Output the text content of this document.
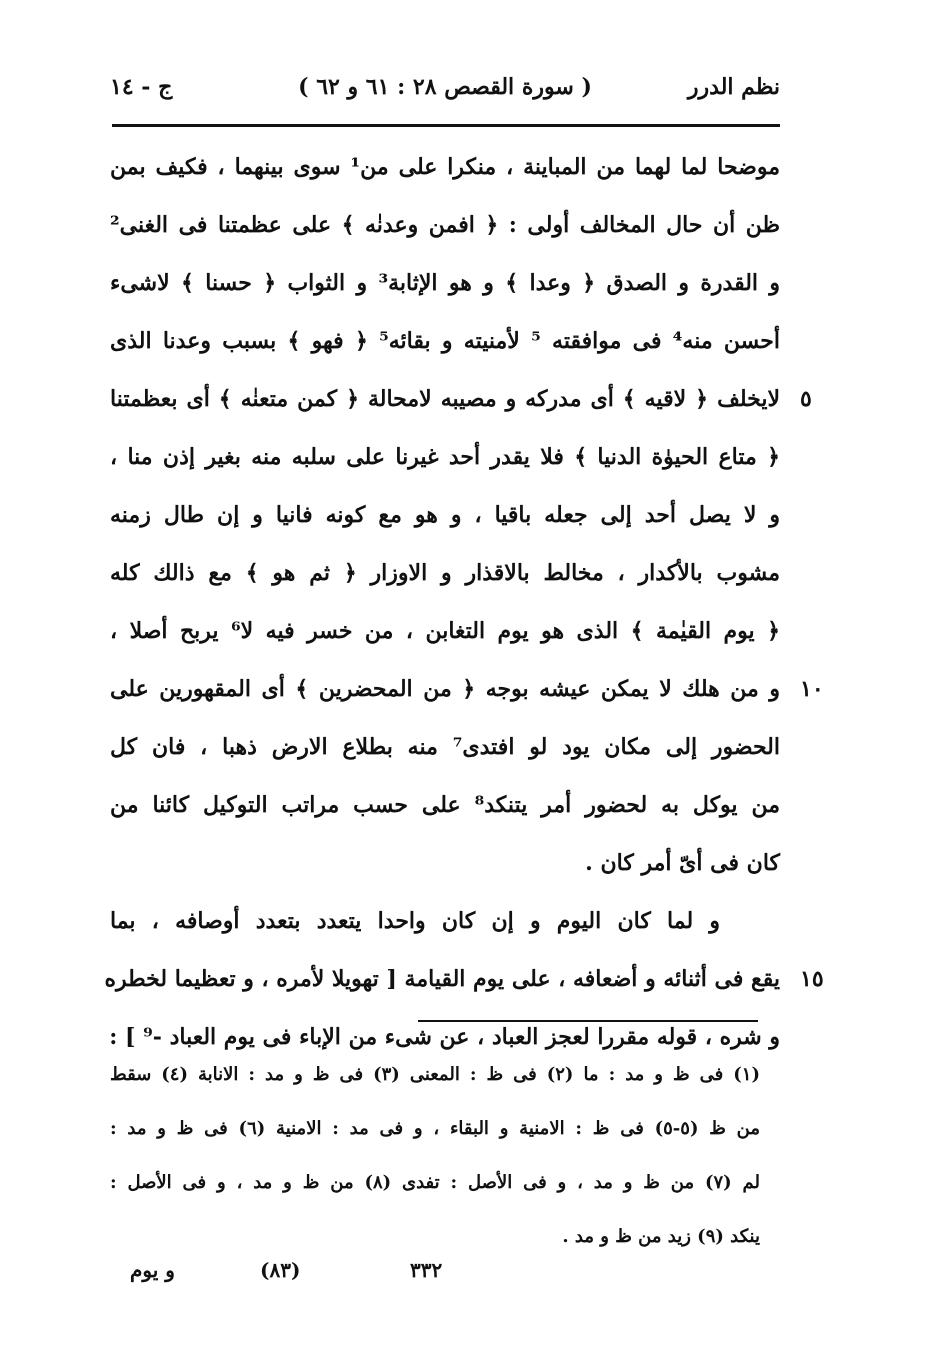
نظم الدرر
( سورة القصص ٢٨ : ٦١ و ٦٢ )
ج - ١٤
موضحا لما لهما من المباينة ، منكرا على من¹ سوى بينهما ، فكيف بمن
ظن أن حال المخالف أولى : ﴿ افمن وعدنٰه ﴾ على عظمتنا فى الغنى²
و القدرة و الصدق ﴿ وعدا ﴾ و هو الإثابة³ و الثواب ﴿ حسنا ﴾ لاشىء
أحسن منه⁴ فى موافقته ⁵ لأمنيته و بقائه⁵ ﴿ فهو ﴾ بسبب وعدنا الذى
لايخلف ﴿ لاقيه ﴾ أى مدركه و مصيبه لامحالة ﴿ كمن متعنٰه ﴾ أى بعظمتنا ٥
﴿ متاع الحيوٰة الدنيا ﴾ فلا يقدر أحد غيرنا على سلبه منه بغير إذن منا ،
و لا يصل أحد إلى جعله باقيا ، و هو مع كونه فانيا و إن طال زمنه
مشوب بالأكدار ، مخالط بالاقذار و الاوزار ﴿ ثم هو ﴾ مع ذالك كله
﴿ يوم القيٰمة ﴾ الذى هو يوم التغابن ، من خسر فيه لا⁶ يربح أصلا ،
و من هلك لا يمكن عيشه بوجه ﴿ من المحضرين ﴾ أى المقهورين على ١٠
الحضور إلى مكان يود لو افتدى⁷ منه بطلاع الارض ذهبا ، فان كل
من يوكل به لحضور أمر يتنكد⁸ على حسب مراتب التوكيل كائنا من
كان فى أىّ أمر كان .
و لما كان اليوم و إن كان واحدا يتعدد بتعدد أوصافه ، بما
يقع فى أثنائه و أضعافه ، على يوم القيامة [ تهويلا لأمره ، و تعظيما لخطره ١٥
و شره ، قوله مقررا لعجز العباد ، عن شىء من الإباء فى يوم العباد -⁹ ] :
(١) فى ظ و مد : ما (٢) فى ظ : المعنى (٣) فى ظ و مد : الانابة (٤) سقط
من ظ (٥-٥) فى ظ : الامنية و البقاء ، و فى مد : الامنية (٦) فى ظ و مد :
لم (٧) من ظ و مد ، و فى الأصل : تفدى (٨) من ظ و مد ، و فى الأصل :
ينكد (٩) زيد من ظ و مد .
٣٣٢
(٨٣)
و يوم
